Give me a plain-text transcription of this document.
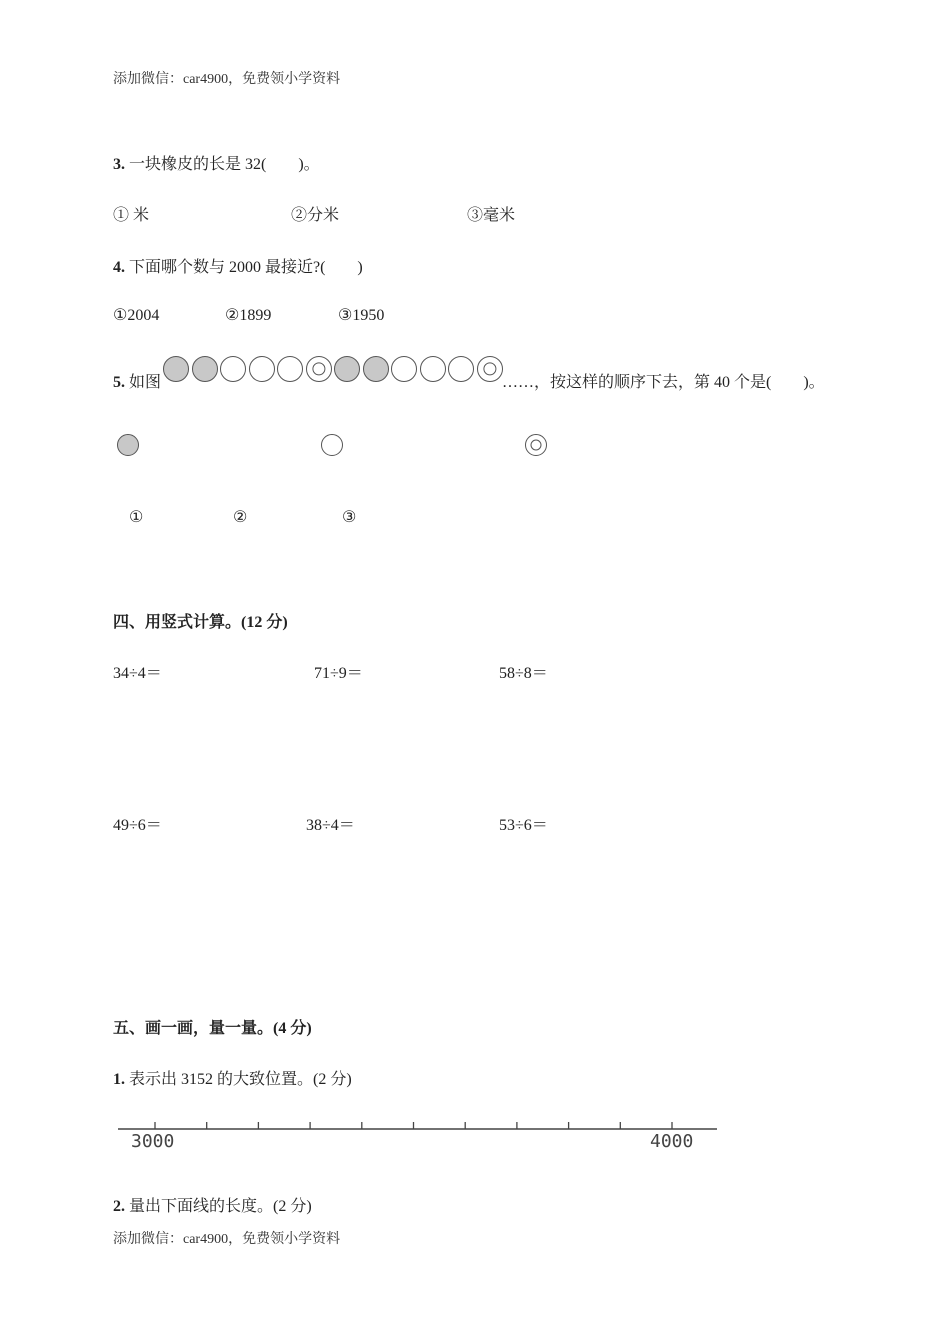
添加微信：car4900，免费领小学资料
3. 一块橡皮的长是 32(　　)。
① 米	②分米	③毫米
4. 下面哪个数与 2000 最接近?(　　)
①2004	②1899	③1950
5. 如图	……，按这样的顺序下去，第 40 个是(　　)。
①	②	③
四、用竖式计算。(12 分)
34÷4＝	71÷9＝	58÷8＝
49÷6＝	38÷4＝	53÷6＝
五、画一画，量一量。(4 分)
1. 表示出 3152 的大致位置。(2 分)
3000	4000
2. 量出下面线的长度。(2 分)
添加微信：car4900，免费领小学资料
